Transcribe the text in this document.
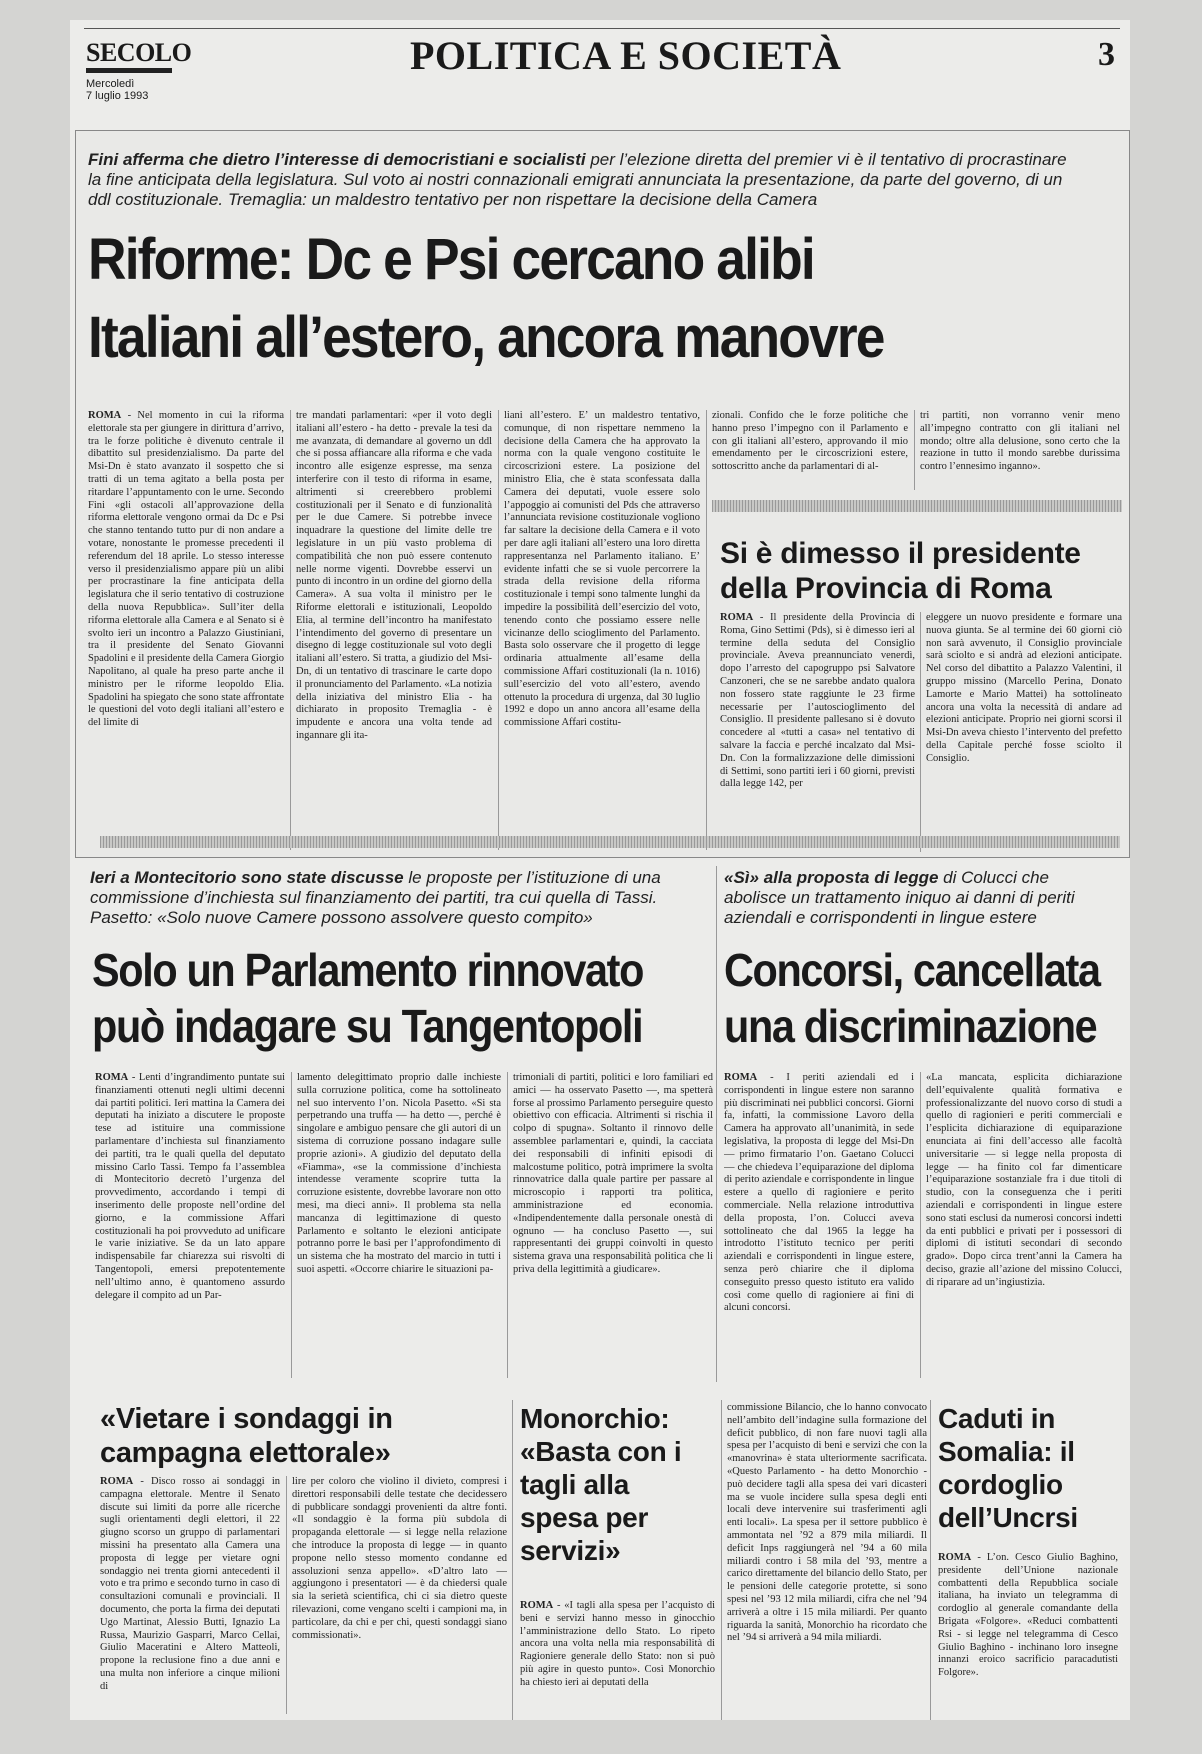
SECOLO
Mercoledì
7 luglio 1993
POLITICA E SOCIETÀ	3
Fini afferma che dietro l’interesse di democristiani e socialisti per l’elezione diretta del premier vi è il tentativo di procrastinare la fine anticipata della legislatura. Sul voto ai nostri connazionali emigrati annunciata la presentazione, da parte del governo, di un ddl costituzionale. Tremaglia: un maldestro tentativo per non rispettare la decisione della Camera
Riforme: Dc e Psi cercano alibi
Italiani all’estero, ancora manovre
ROMA - Nel momento in cui la riforma elettorale sta per giungere in dirittura d’arrivo, tra le forze politiche è divenuto centrale il dibattito sul presidenzialismo. Da parte del Msi-Dn è stato avanzato il sospetto che si tratti di un tema agitato a bella posta per ritardare l’appuntamento con le urne. Secondo Fini «gli ostacoli all’approvazione della riforma elettorale vengono ormai da Dc e Psi che stanno tentando tutto pur di non andare a votare, nonostante le promesse precedenti il referendum del 18 aprile. Lo stesso interesse verso il presidenzialismo appare più un alibi per procrastinare la fine anticipata della legislatura che il serio tentativo di costruzione della nuova Repubblica». Sull’iter della riforma elettorale alla Camera e al Senato si è svolto ieri un incontro a Palazzo Giustiniani, tra il presidente del Senato Giovanni Spadolini e il presidente della Camera Giorgio Napolitano, al quale ha preso parte anche il ministro per le riforme leopoldo Elia. Spadolini ha spiegato che sono state affrontate le questioni del voto degli italiani all’estero e del limite di
tre mandati parlamentari: «per il voto degli italiani all’estero - ha detto - prevale la tesi da me avanzata, di demandare al governo un ddl che si possa affiancare alla riforma e che vada incontro alle esigenze espresse, ma senza interferire con il testo di riforma in esame, altrimenti si creerebbero problemi costituzionali per il Senato e di funzionalità per le due Camere. Si potrebbe invece inquadrare la questione del limite delle tre legislature in un più vasto problema di compatibilità che non può essere contenuto nelle norme vigenti. Dovrebbe esservi un punto di incontro in un ordine del giorno della Camera». A sua volta il ministro per le Riforme elettorali e istituzionali, Leopoldo Elia, al termine dell’incontro ha manifestato l’intendimento del governo di presentare un disegno di legge costituzionale sul voto degli italiani all’estero. Si tratta, a giudizio del Msi-Dn, di un tentativo di trascinare le carte dopo il pronunciamento del Parlamento. «La notizia della iniziativa del ministro Elia - ha dichiarato in proposito Tremaglia - è impudente e ancora una volta tende ad ingannare gli ita-
liani all’estero. E’ un maldestro tentativo, comunque, di non rispettare nemmeno la decisione della Camera che ha approvato la norma con la quale vengono costituite le circoscrizioni estere. La posizione del ministro Elia, che è stata sconfessata dalla Camera dei deputati, vuole essere solo l’appoggio ai comunisti del Pds che attraverso l’annunciata revisione costituzionale vogliono far saltare la decisione della Camera e il voto per dare agli italiani all’estero una loro diretta rappresentanza nel Parlamento italiano. E’ evidente infatti che se si vuole percorrere la strada della revisione della riforma costituzionale i tempi sono talmente lunghi da impedire la possibilità dell’esercizio del voto, tenendo conto che possiamo essere nelle vicinanze dello scioglimento del Parlamento. Basta solo osservare che il progetto di legge ordinaria attualmente all’esame della commissione Affari costituzionali (la n. 1016) sull’esercizio del voto all’estero, avendo ottenuto la procedura di urgenza, dal 30 luglio 1992 e dopo un anno ancora all’esame della commissione Affari costitu-
zionali. Confido che le forze politiche che hanno preso l’impegno con il Parlamento e con gli italiani all’estero, approvando il mio emendamento per le circoscrizioni estere, sottoscritto anche da parlamentari di al-
tri partiti, non vorranno venir meno all’impegno contratto con gli italiani nel mondo; oltre alla delusione, sono certo che la reazione in tutto il mondo sarebbe durissima contro l’ennesimo inganno».
Si è dimesso il presidente della Provincia di Roma
ROMA - Il presidente della Provincia di Roma, Gino Settimi (Pds), si è dimesso ieri al termine della seduta del Consiglio provinciale. Aveva preannunciato venerdì, dopo l’arresto del capogruppo psi Salvatore Canzoneri, che se ne sarebbe andato qualora non fossero state raggiunte le 23 firme necessarie per l’autoscioglimento del Consiglio. Il presidente pallesano si è dovuto concedere al «tutti a casa» nel tentativo di salvare la faccia e perché incalzato dal Msi-Dn. Con la formalizzazione delle dimissioni di Settimi, sono partiti ieri i 60 giorni, previsti dalla legge 142, per
eleggere un nuovo presidente e formare una nuova giunta. Se al termine dei 60 giorni ciò non sarà avvenuto, il Consiglio provinciale sarà sciolto e si andrà ad elezioni anticipate. Nel corso del dibattito a Palazzo Valentini, il gruppo missino (Marcello Perina, Donato Lamorte e Mario Mattei) ha sottolineato ancora una volta la necessità di andare ad elezioni anticipate. Proprio nei giorni scorsi il Msi-Dn aveva chiesto l’intervento del prefetto della Capitale perché fosse sciolto il Consiglio.
Ieri a Montecitorio sono state discusse le proposte per l’istituzione di una commissione d’inchiesta sul finanziamento dei partiti, tra cui quella di Tassi. Pasetto: «Solo nuove Camere possono assolvere questo compito»
Solo un Parlamento rinnovato
può indagare su Tangentopoli
ROMA - Lenti d’ingrandimento puntate sui finanziamenti ottenuti negli ultimi decenni dai partiti politici. Ieri mattina la Camera dei deputati ha iniziato a discutere le proposte tese ad istituire una commissione parlamentare d’inchiesta sul finanziamento dei partiti, tra le quali quella del deputato missino Carlo Tassi. Tempo fa l’assemblea di Montecitorio decretò l’urgenza del provvedimento, accordando i tempi di inserimento delle proposte nell’ordine del giorno, e la commissione Affari costituzionali ha poi provveduto ad unificare le varie iniziative. Se da un lato appare indispensabile far chiarezza sui risvolti di Tangentopoli, emersi prepotentemente nell’ultimo anno, è quantomeno assurdo delegare il compito ad un Par-
lamento delegittimato proprio dalle inchieste sulla corruzione politica, come ha sottolineato nel suo intervento l’on. Nicola Pasetto. «Si sta perpetrando una truffa — ha detto —, perché è singolare e ambiguo pensare che gli autori di un sistema di corruzione possano indagare sulle proprie azioni». A giudizio del deputato della «Fiamma», «se la commissione d’inchiesta intendesse veramente scoprire tutta la corruzione esistente, dovrebbe lavorare non otto mesi, ma dieci anni». Il problema sta nella mancanza di legittimazione di questo Parlamento e soltanto le elezioni anticipate potranno porre le basi per l’approfondimento di un sistema che ha mostrato del marcio in tutti i suoi aspetti. «Occorre chiarire le situazioni pa-
trimoniali di partiti, politici e loro familiari ed amici — ha osservato Pasetto —, ma spetterà forse al prossimo Parlamento perseguire questo obiettivo con efficacia. Altrimenti si rischia il colpo di spugna». Soltanto il rinnovo delle assemblee parlamentari e, quindi, la cacciata dei responsabili di infiniti episodi di malcostume politico, potrà imprimere la svolta rinnovatrice dalla quale partire per passare al microscopio i rapporti tra politica, amministrazione ed economia. «Indipendentemente dalla personale onestà di ognuno — ha concluso Pasetto —, sui rappresentanti dei gruppi coinvolti in questo sistema grava una responsabilità politica che li priva della legittimità a giudicare».
«Sì» alla proposta di legge di Colucci che abolisce un trattamento iniquo ai danni di periti aziendali e corrispondenti in lingue estere
Concorsi, cancellata
una discriminazione
ROMA - I periti aziendali ed i corrispondenti in lingue estere non saranno più discriminati nei pubblici concorsi. Giorni fa, infatti, la commissione Lavoro della Camera ha approvato all’unanimità, in sede legislativa, la proposta di legge del Msi-Dn — primo firmatario l’on. Gaetano Colucci — che chiedeva l’equiparazione del diploma di perito aziendale e corrispondente in lingue estere a quello di ragioniere e perito commerciale. Nella relazione introduttiva della proposta, l’on. Colucci aveva sottolineato che dal 1965 la legge ha introdotto l’istituto tecnico per periti aziendali e corrispondenti in lingue estere, senza però chiarire che il diploma conseguito presso questo istituto era valido così come quello di ragioniere ai fini di alcuni concorsi.
«La mancata, esplicita dichiarazione dell’equivalente qualità formativa e professionalizzante del nuovo corso di studi a quello di ragionieri e periti commerciali e l’esplicita dichiarazione di equiparazione enunciata ai fini dell’accesso alle facoltà universitarie — si legge nella proposta di legge — ha finito col far dimenticare l’equiparazione sostanziale fra i due titoli di studio, con la conseguenza che i periti aziendali e corrispondenti in lingue estere sono stati esclusi da numerosi concorsi indetti da enti pubblici e privati per i possessori di diplomi di istituti secondari di secondo grado». Dopo circa trent’anni la Camera ha deciso, grazie all’azione del missino Colucci, di riparare ad un’ingiustizia.
«Vietare i sondaggi in campagna elettorale»
ROMA - Disco rosso ai sondaggi in campagna elettorale. Mentre il Senato discute sui limiti da porre alle ricerche sugli orientamenti degli elettori, il 22 giugno scorso un gruppo di parlamentari missini ha presentato alla Camera una proposta di legge per vietare ogni sondaggio nei trenta giorni antecedenti il voto e tra primo e secondo turno in caso di consultazioni comunali e provinciali. Il documento, che porta la firma dei deputati Ugo Martinat, Alessio Butti, Ignazio La Russa, Maurizio Gasparri, Marco Cellai, Giulio Maceratini e Altero Matteoli, propone la reclusione fino a due anni e una multa non inferiore a cinque milioni di
lire per coloro che violino il divieto, compresi i direttori responsabili delle testate che decidessero di pubblicare sondaggi provenienti da altre fonti. «Il sondaggio è la forma più subdola di propaganda elettorale — si legge nella relazione che introduce la proposta di legge — in quanto propone nello stesso momento condanne ed assoluzioni senza appello». «D’altro lato — aggiungono i presentatori — è da chiedersi quale sia la serietà scientifica, chi ci sia dietro queste rilevazioni, come vengano scelti i campioni ma, in particolare, da chi e per chi, questi sondaggi siano commissionati».
Monorchio: «Basta con i tagli alla spesa per servizi»
ROMA - «I tagli alla spesa per l’acquisto di beni e servizi hanno messo in ginocchio l’amministrazione dello Stato. Lo ripeto ancora una volta nella mia responsabilità di Ragioniere generale dello Stato: non si può più agire in questo punto». Così Monorchio ha chiesto ieri ai deputati della
commissione Bilancio, che lo hanno convocato nell’ambito dell’indagine sulla formazione del deficit pubblico, di non fare nuovi tagli alla spesa per l’acquisto di beni e servizi che con la «manovrina» è stata ulteriormente sacrificata. «Questo Parlamento - ha detto Monorchio - può decidere tagli alla spesa dei vari dicasteri ma se vuole incidere sulla spesa degli enti locali deve intervenire sui trasferimenti agli enti locali». La spesa per il settore pubblico è ammontata nel ’92 a 879 mila miliardi. Il deficit Inps raggiungerà nel ’94 a 60 mila miliardi contro i 58 mila del ’93, mentre a carico direttamente del bilancio dello Stato, per le pensioni delle categorie protette, si sono spesi nel ’93 12 mila miliardi, cifra che nel ’94 arriverà a oltre i 15 mila miliardi. Per quanto riguarda la sanità, Monorchio ha ricordato che nel ’94 si arriverà a 94 mila miliardi.
Caduti in Somalia: il cordoglio dell’Uncrsi
ROMA - L’on. Cesco Giulio Baghino, presidente dell’Unione nazionale combattenti della Repubblica sociale italiana, ha inviato un telegramma di cordoglio al generale comandante della Brigata «Folgore». «Reduci combattenti Rsi - si legge nel telegramma di Cesco Giulio Baghino - inchinano loro insegne innanzi eroico sacrificio paracadutisti Folgore».
